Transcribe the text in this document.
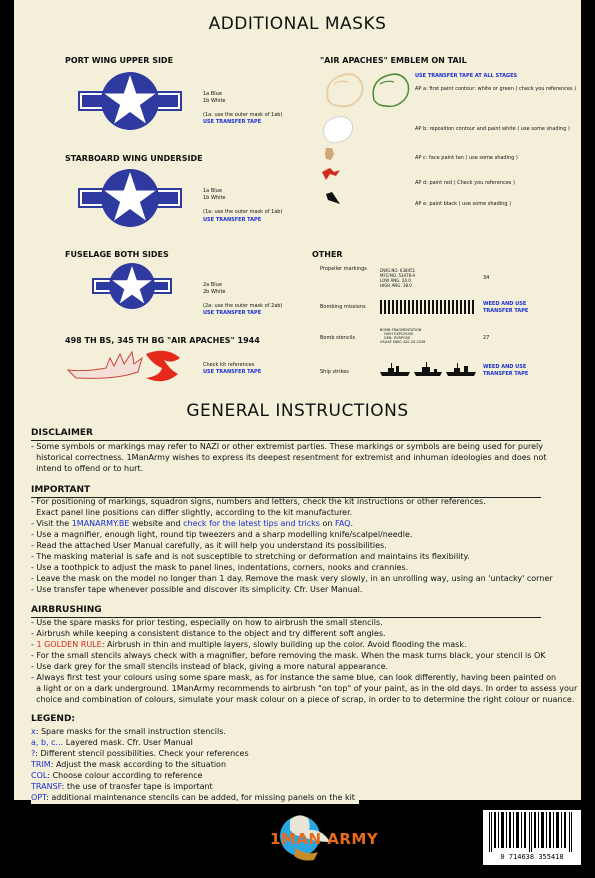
ADDITIONAL MASKS
PORT WING UPPER SIDE
1a Blue
1b White
(1a: use the outer mask of 1ab)
USE TRANSFER TAPE
STARBOARD WING UNDERSIDE
1a Blue
1b White
(1a: use the outer mask of 1ab)
USE TRANSFER TAPE
FUSELAGE BOTH SIDES
2a Blue
2b White
(2a: use the outer mask of 2ab)
USE TRANSFER TAPE
498 TH BS, 345 TH BG "AIR APACHES" 1944
Check kit references
USE TRANSFER TAPE
"AIR APACHES" EMBLEM ON TAIL
USE TRANSFER TAPE AT ALL STAGES
AP a: first paint contour: white or green ( check you references )
AP b: reposition contour and paint white ( use some shading )
AP c: face paint tan ( use some shading )
AP d: paint red ( Check you references )
AP e: paint black ( use some shading )
OTHER
Propeller markings	DWG.NO. 638451
MFG'NO. 53478-A
LOW ANG. 24.0
HIGH ANG. 38.0
34
Bombing missions	WEED AND USE
TRANSFER TAPE
Bomb stencils
BOMB FRAGMENTATION
HIGH EXPLOSIVE
GEN. PURPOSE
USAAF DWG 420-20-2026
27
Ship strikes
WEED AND USE
TRANSFER TAPE
GENERAL INSTRUCTIONS
DISCLAIMER
- Some symbols or markings may refer to NAZI or other extremist parties. These markings or symbols are being used for purely
historical correctness. 1ManArmy wishes to express its deepest resentment for extremist and inhuman ideologies and does not
intend to offend or to hurt.
IMPORTANT
- For positioning of markings, squadron signs, numbers and letters, check the kit instructions or other references.
Exact panel line positions can differ slightly, according to the kit manufacturer.
- Visit the 1MANARMY.BE website and check for the latest tips and tricks on FAQ.
- Use a magnifier, enough light, round tip tweezers and a sharp modelling knife/scalpel/needle.
- Read the attached User Manual carefully, as it will help you understand its possibilities.
- The masking material is safe and is not susceptible to stretching or deformation and maintains its flexibility.
- Use a toothpick to adjust the mask to panel lines, indentations, corners, nooks and crannies.
- Leave the mask on the model no longer than 1 day. Remove the mask very slowly, in an unrolling way, using an 'untacky' corner
- Use transfer tape whenever possible and discover its simplicity. Cfr. User Manual.
AIRBRUSHING
- Use the spare masks for prior testing, especially on how to airbrush the small stencils.
- Airbrush while keeping a consistent distance to the object and try different soft angles.
- 1 GOLDEN RULE: Airbrush in thin and multiple layers, slowly building up the color. Avoid flooding the mask.
- For the small stencils always check with a magnifier, before removing the mask. When the mask turns black, your stencil is OK
- Use dark grey for the small stencils instead of black, giving a more natural appearance.
- Always first test your colours using some spare mask, as for instance the same blue, can look differently, having been painted on
a light or on a dark underground. 1ManArmy recommends to airbrush "on top" of your paint, as in the old days. In order to assess your
choice and combination of colours, simulate your mask colour on a piece of scrap, in order to to determine the right colour or nuance.
LEGEND:
x: Spare masks for the small instruction stencils.
a, b, c... Layered mask. Cfr. User Manual
?: Different stencil possibilities. Check your references
TRIM: Adjust the mask according to the situation
COL: Choose colour according to reference
TRANSF: the use of transfer tape is important
OPT: additional maintenance stencils can be added, for missing panels on the kit
1MAN ARMY
0 714638 355418
